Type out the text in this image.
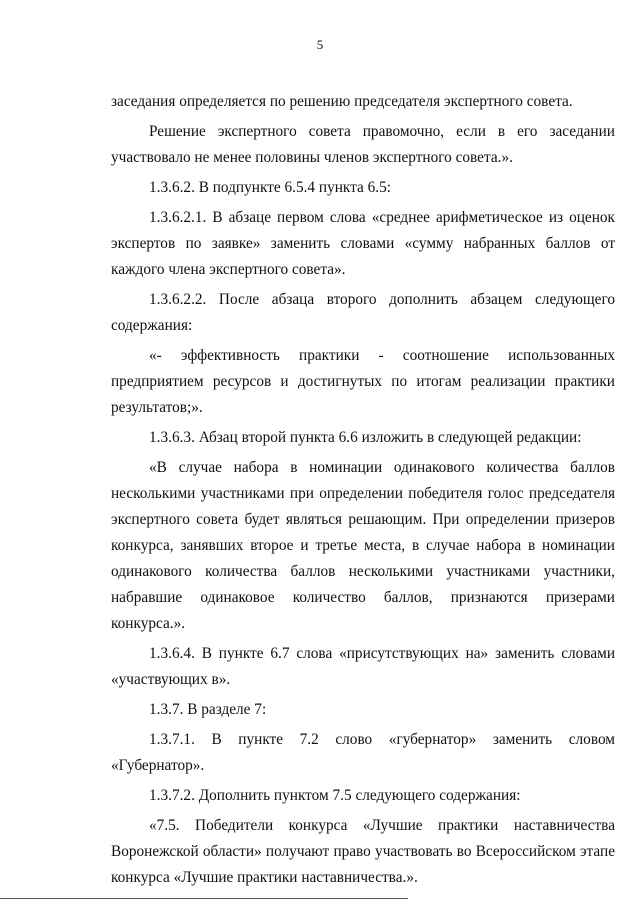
5

заседания определяется по решению председателя экспертного совета.

Решение экспертного совета правомочно, если в его заседании участвовало не менее половины членов экспертного совета.».

1.3.6.2. В подпункте 6.5.4 пункта 6.5:

1.3.6.2.1. В абзаце первом слова «среднее арифметическое из оценок экспертов по заявке» заменить словами «сумму набранных баллов от каждого члена экспертного совета».

1.3.6.2.2. После абзаца второго дополнить абзацем следующего содержания:

«- эффективность практики - соотношение использованных предприятием ресурсов и достигнутых по итогам реализации практики результатов;».

1.3.6.3. Абзац второй пункта 6.6 изложить в следующей редакции:

«В случае набора в номинации одинакового количества баллов несколькими участниками при определении победителя голос председателя экспертного совета будет являться решающим. При определении призеров конкурса, занявших второе и третье места, в случае набора в номинации одинакового количества баллов несколькими участниками участники, набравшие одинаковое количество баллов, признаются призерами конкурса.».

1.3.6.4. В пункте 6.7 слова «присутствующих на» заменить словами «участвующих в».

1.3.7. В разделе 7:

1.3.7.1. В пункте 7.2 слово «губернатор» заменить словом «Губернатор».

1.3.7.2. Дополнить пунктом 7.5 следующего содержания:

«7.5. Победители конкурса «Лучшие практики наставничества Воронежской области» получают право участвовать во Всероссийском этапе конкурса «Лучшие практики наставничества.».
